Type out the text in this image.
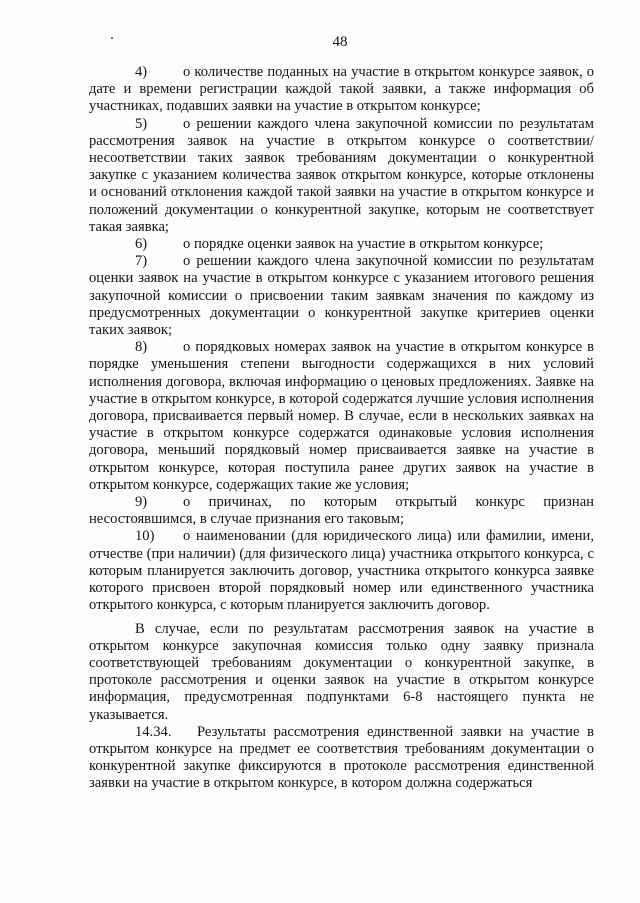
48

4) о количестве поданных на участие в открытом конкурсе заявок, о дате и времени регистрации каждой такой заявки, а также информация об участниках, подавших заявки на участие в открытом конкурсе;

5) о решении каждого члена закупочной комиссии по результатам рассмотрения заявок на участие в открытом конкурсе о соответствии/несоответствии таких заявок требованиям документации о конкурентной закупке с указанием количества заявок открытом конкурсе, которые отклонены и оснований отклонения каждой такой заявки на участие в открытом конкурсе и положений документации о конкурентной закупке, которым не соответствует такая заявка;

6) о порядке оценки заявок на участие в открытом конкурсе;

7) о решении каждого члена закупочной комиссии по результатам оценки заявок на участие в открытом конкурсе с указанием итогового решения закупочной комиссии о присвоении таким заявкам значения по каждому из предусмотренных документации о конкурентной закупке критериев оценки таких заявок;

8) о порядковых номерах заявок на участие в открытом конкурсе в порядке уменьшения степени выгодности содержащихся в них условий исполнения договора, включая информацию о ценовых предложениях. Заявке на участие в открытом конкурсе, в которой содержатся лучшие условия исполнения договора, присваивается первый номер. В случае, если в нескольких заявках на участие в открытом конкурсе содержатся одинаковые условия исполнения договора, меньший порядковый номер присваивается заявке на участие в открытом конкурсе, которая поступила ранее других заявок на участие в открытом конкурсе, содержащих такие же условия;

9) о причинах, по которым открытый конкурс признан несостоявшимся, в случае признания его таковым;

10) о наименовании (для юридического лица) или фамилии, имени, отчестве (при наличии) (для физического лица) участника открытого конкурса, с которым планируется заключить договор, участника открытого конкурса заявке которого присвоен второй порядковый номер или единственного участника открытого конкурса, с которым планируется заключить договор.

В случае, если по результатам рассмотрения заявок на участие в открытом конкурсе закупочная комиссия только одну заявку признала соответствующей требованиям документации о конкурентной закупке, в протоколе рассмотрения и оценки заявок на участие в открытом конкурсе информация, предусмотренная подпунктами 6-8 настоящего пункта не указывается.

14.34. Результаты рассмотрения единственной заявки на участие в открытом конкурсе на предмет ее соответствия требованиям документации о конкурентной закупке фиксируются в протоколе рассмотрения единственной заявки на участие в открытом конкурсе, в котором должна содержаться
